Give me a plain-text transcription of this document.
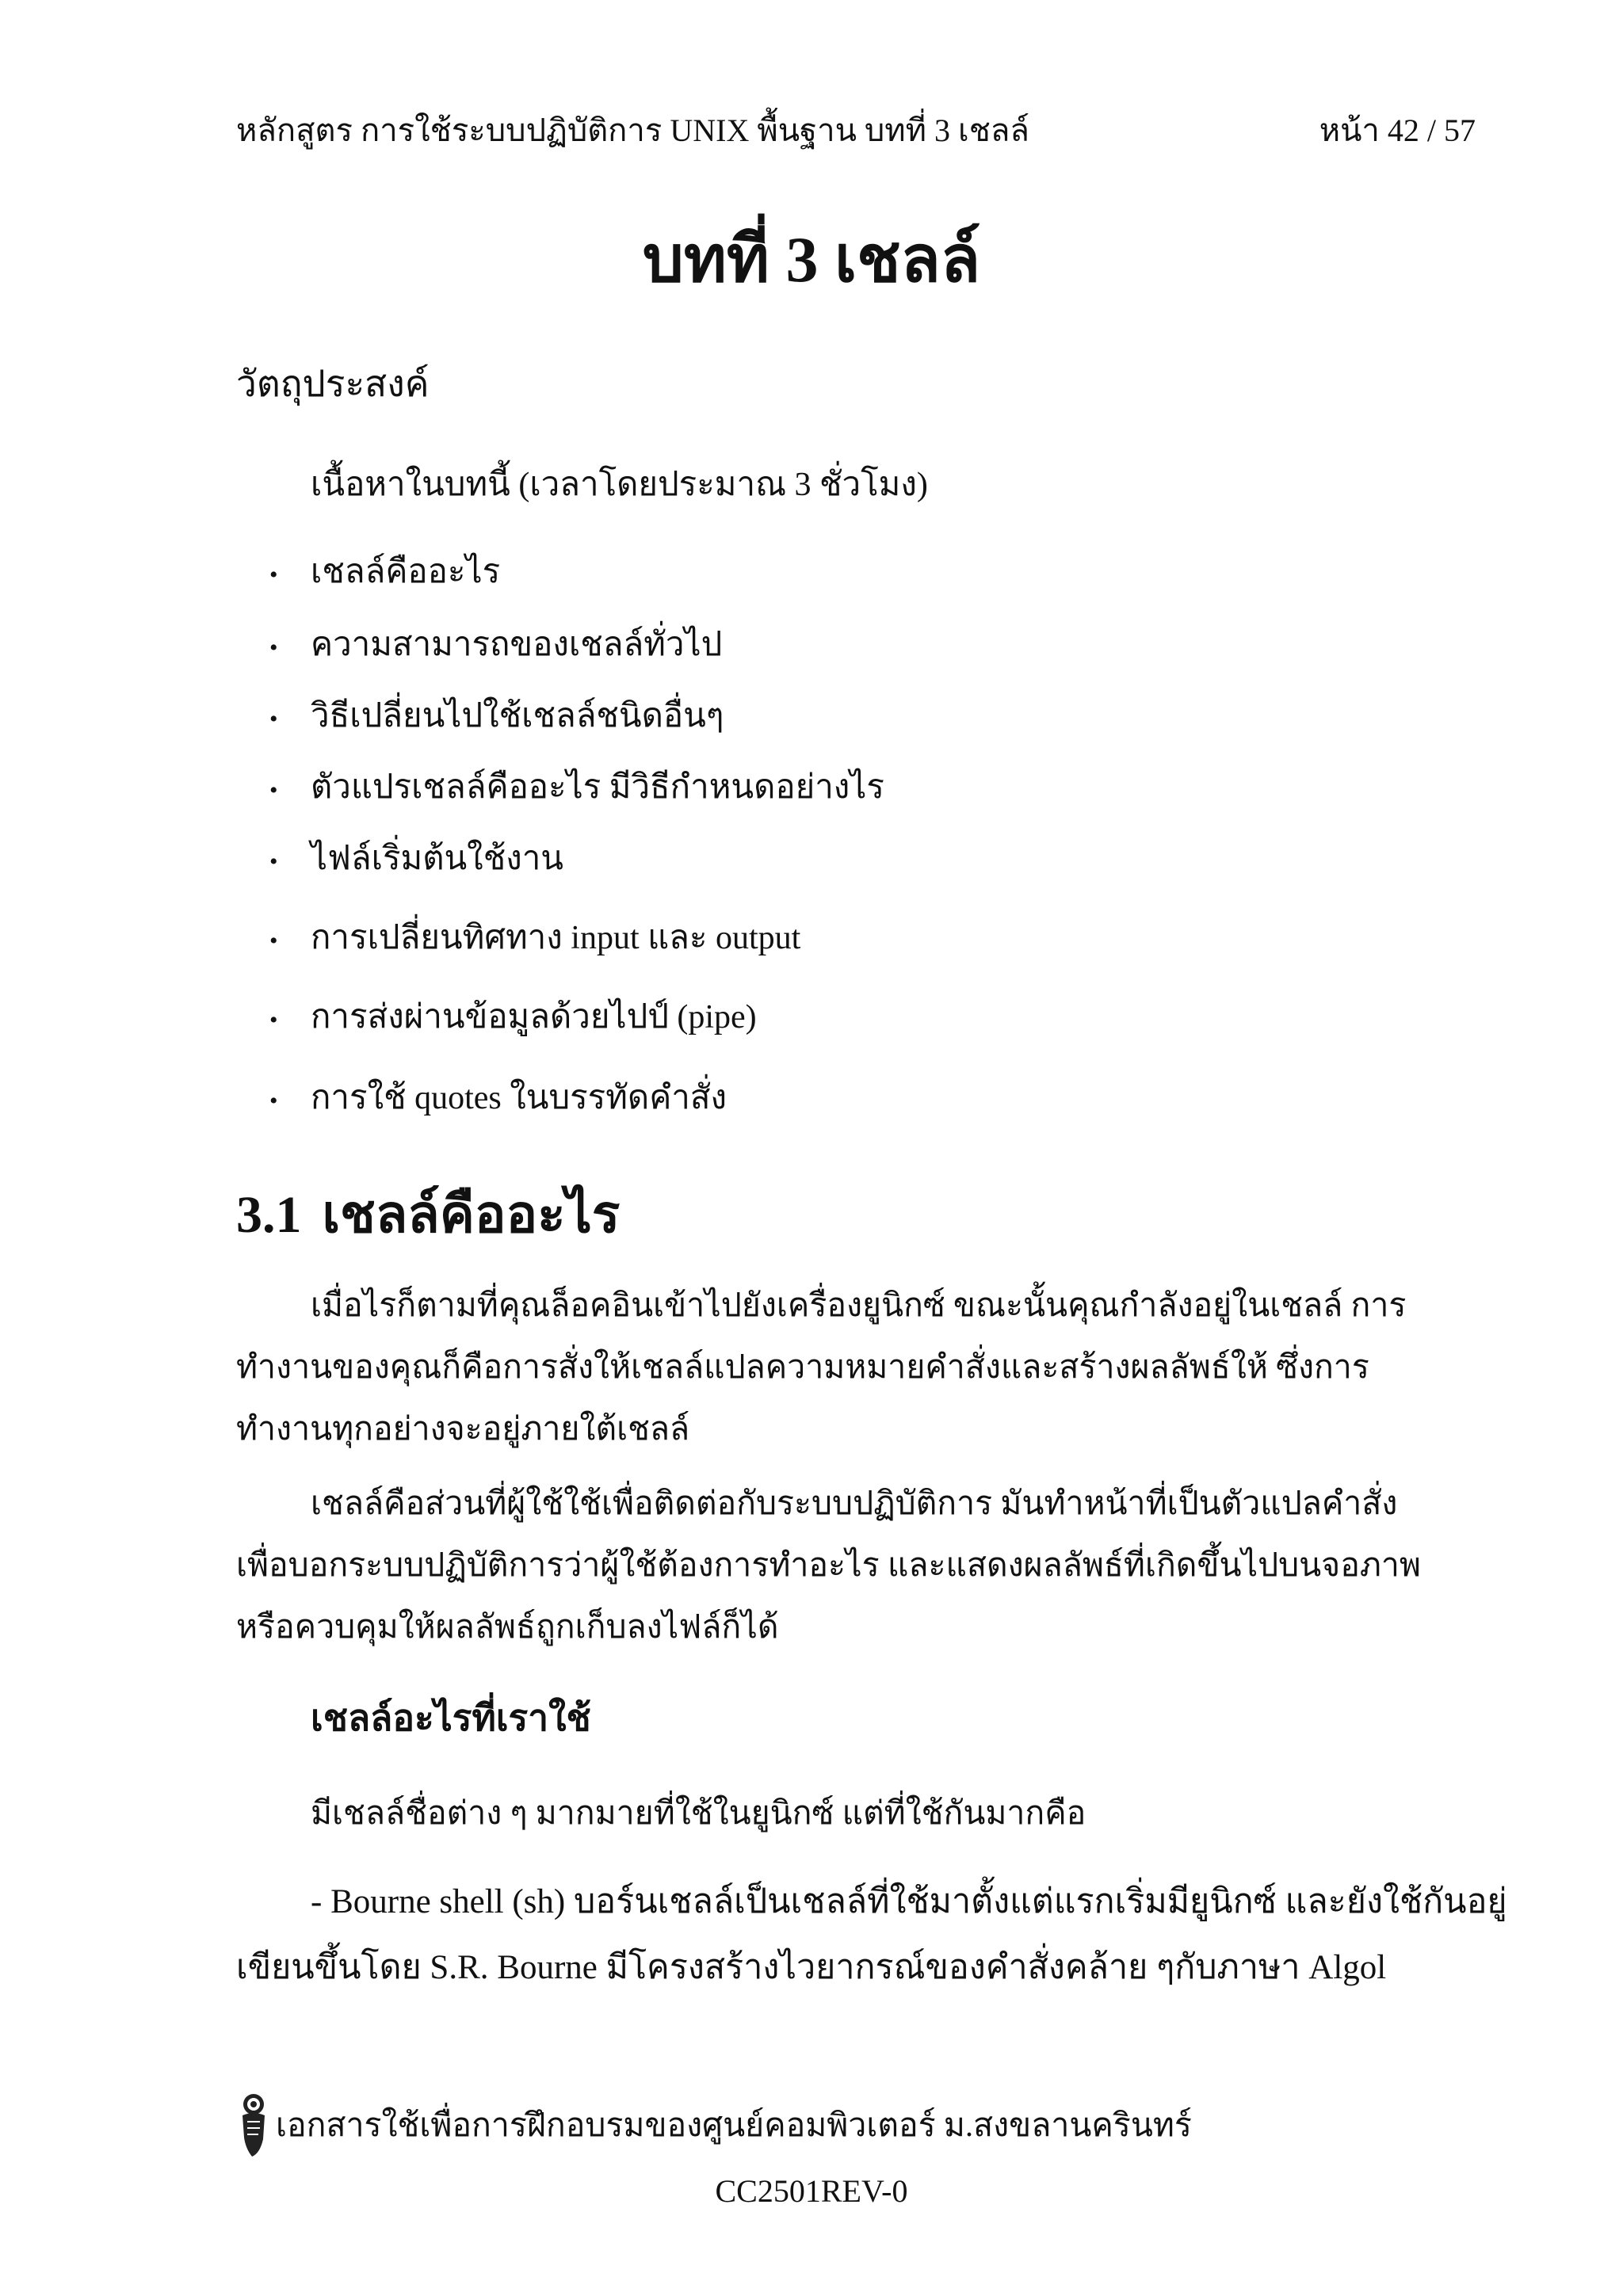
หลักสูตร การใช้ระบบปฏิบัติการ UNIX พื้นฐาน บทที่ 3 เชลล์	หน้า 42 / 57
บทที่ 3 เชลล์
วัตถุประสงค์
เนื้อหาในบทนี้ (เวลาโดยประมาณ 3 ชั่วโมง)
• เชลล์คืออะไร
• ความสามารถของเชลล์ทั่วไป
• วิธีเปลี่ยนไปใช้เชลล์ชนิดอื่นๆ
• ตัวแปรเชลล์คืออะไร มีวิธีกำหนดอย่างไร
• ไฟล์เริ่มต้นใช้งาน
• การเปลี่ยนทิศทาง input และ output
• การส่งผ่านข้อมูลด้วยไปป์ (pipe)
• การใช้ quotes ในบรรทัดคำสั่ง
3.1 เชลล์คืออะไร
เมื่อไรก็ตามที่คุณล็อคอินเข้าไปยังเครื่องยูนิกซ์ ขณะนั้นคุณกำลังอยู่ในเชลล์ การทำงานของคุณก็คือการสั่งให้เชลล์แปลความหมายคำสั่งและสร้างผลลัพธ์ให้ ซึ่งการทำงานทุกอย่างจะอยู่ภายใต้เชลล์
เชลล์คือส่วนที่ผู้ใช้ใช้เพื่อติดต่อกับระบบปฏิบัติการ มันทำหน้าที่เป็นตัวแปลคำสั่ง เพื่อบอกระบบปฏิบัติการว่าผู้ใช้ต้องการทำอะไร และแสดงผลลัพธ์ที่เกิดขึ้นไปบนจอภาพหรือควบคุมให้ผลลัพธ์ถูกเก็บลงไฟล์ก็ได้
เชลล์อะไรที่เราใช้
มีเชลล์ชื่อต่าง ๆ มากมายที่ใช้ในยูนิกซ์ แต่ที่ใช้กันมากคือ
- Bourne shell (sh) บอร์นเชลล์เป็นเชลล์ที่ใช้มาตั้งแต่แรกเริ่มมียูนิกซ์ และยังใช้กันอยู่
เขียนขึ้นโดย S.R. Bourne มีโครงสร้างไวยากรณ์ของคำสั่งคล้าย ๆกับภาษา Algol
เอกสารใช้เพื่อการฝึกอบรมของศูนย์คอมพิวเตอร์ ม.สงขลานครินทร์
CC2501REV-0
